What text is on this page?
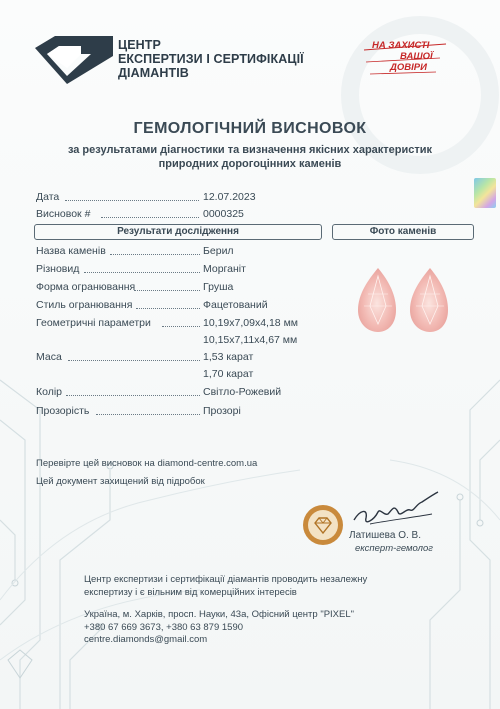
ЦЕНТР
ЕКСПЕРТИЗИ І СЕРТИФІКАЦІЇ
ДІАМАНТІВ
НА ЗАХИСТІ
ВАШОЇ
ДОВІРИ
ГЕМОЛОГІЧНИЙ ВИСНОВОК
за результатами діагностики та визначення якісних характеристик
природних дорогоцінних каменів
Дата	12.07.2023
Висновок #	0000325
Результати дослідження	Фото каменів
Назва каменів	Берил
Різновид	Морганіт
Форма огранювання	Груша
Стиль огранювання	Фацетований
Геометричні параметри	10,19x7,09x4,18 мм
10,15x7,11x4,67 мм
Маса	1,53 карат
1,70 карат
Колір	Світло-Рожевий
Прозорість	Прозорі
Перевірте цей висновок на diamond-centre.com.ua
Цей документ захищений від підробок
Латишева О. В.
експерт-гемолог
Центр експертизи і сертифікації діамантів проводить незалежну
експертизу і є вільним від комерційних інтересів
Україна, м. Харків, просп. Науки, 43а, Офісний центр "PIXEL"
+380 67 669 3673, +380 63 879 1590
centre.diamonds@gmail.com
